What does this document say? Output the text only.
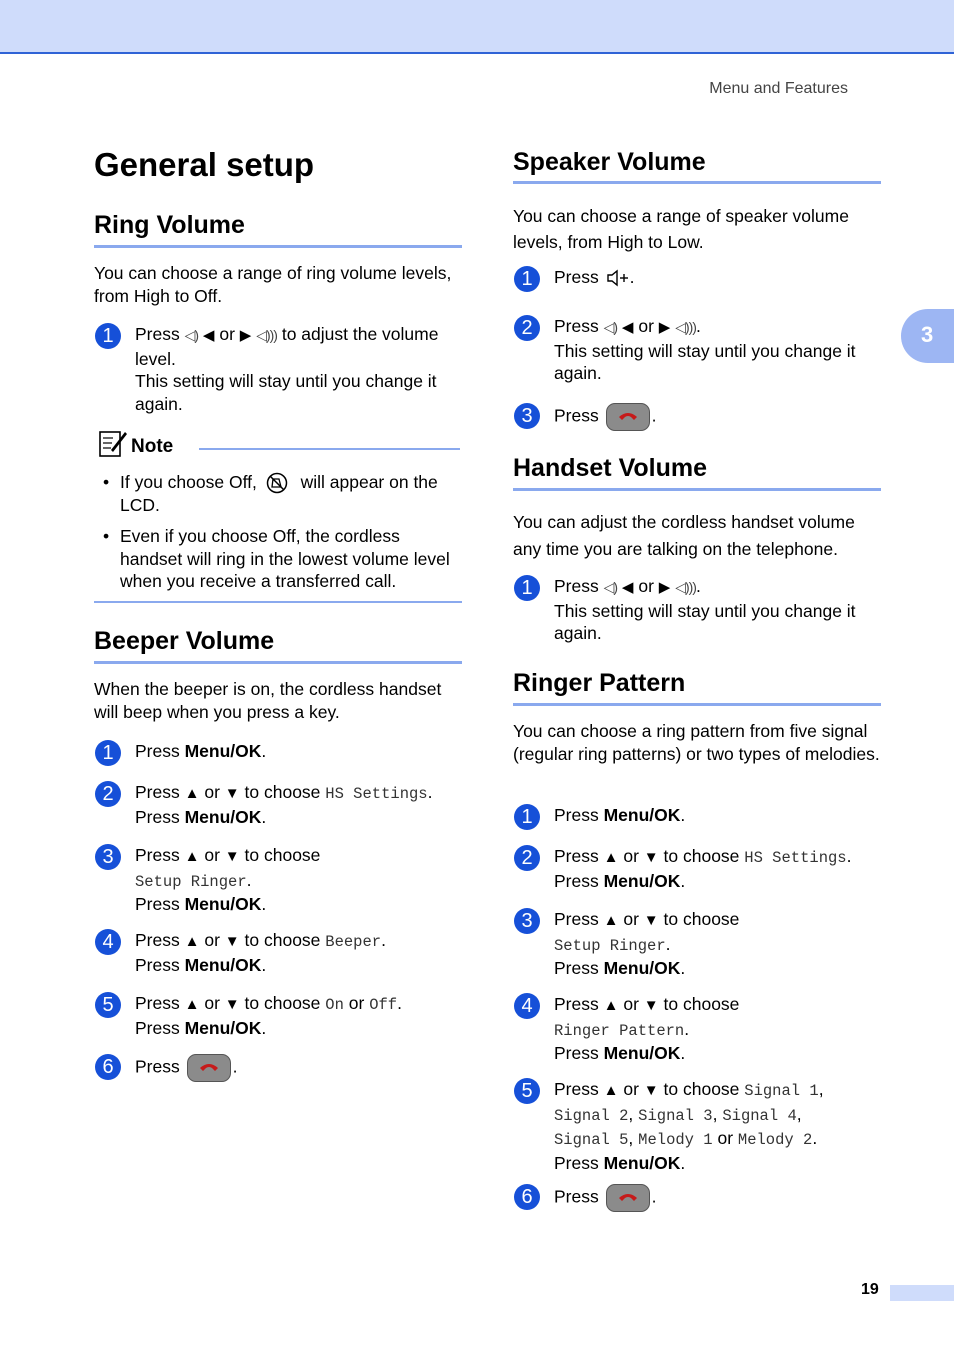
Menu and Features
3
General setup
Ring Volume
You can choose a range of ring volume levels, from High to Off.
1	Press ◁) ◀ or ▶ ◁))) to adjust the volume level.
This setting will stay until you change it again.
Note
• If you choose Off,	will appear on the LCD.
• Even if you choose Off, the cordless handset will ring in the lowest volume level when you receive a transferred call.
Beeper Volume
When the beeper is on, the cordless handset will beep when you press a key.
1	Press Menu/OK.
2	Press ▲ or ▼ to choose HS Settings.
Press Menu/OK.
3	Press ▲ or ▼ to choose
Setup Ringer.
Press Menu/OK.
4	Press ▲ or ▼ to choose Beeper.
Press Menu/OK.
5	Press ▲ or ▼ to choose On or Off.
Press Menu/OK.
6	Press	.
Speaker Volume
You can choose a range of speaker volume levels, from High to Low.
1	Press .
2	Press ◁) ◀ or ▶ ◁))).
This setting will stay until you change it again.
3	Press	.
Handset Volume
You can adjust the cordless handset volume any time you are talking on the telephone.
1	Press ◁) ◀ or ▶ ◁))).
This setting will stay until you change it again.
Ringer Pattern
You can choose a ring pattern from five signal (regular ring patterns) or two types of melodies.
1	Press Menu/OK.
2	Press ▲ or ▼ to choose HS Settings.
Press Menu/OK.
3	Press ▲ or ▼ to choose
Setup Ringer.
Press Menu/OK.
4	Press ▲ or ▼ to choose
Ringer Pattern.
Press Menu/OK.
5	Press ▲ or ▼ to choose Signal 1,
Signal 2, Signal 3, Signal 4,
Signal 5, Melody 1 or Melody 2.
Press Menu/OK.
6	Press	.
19
